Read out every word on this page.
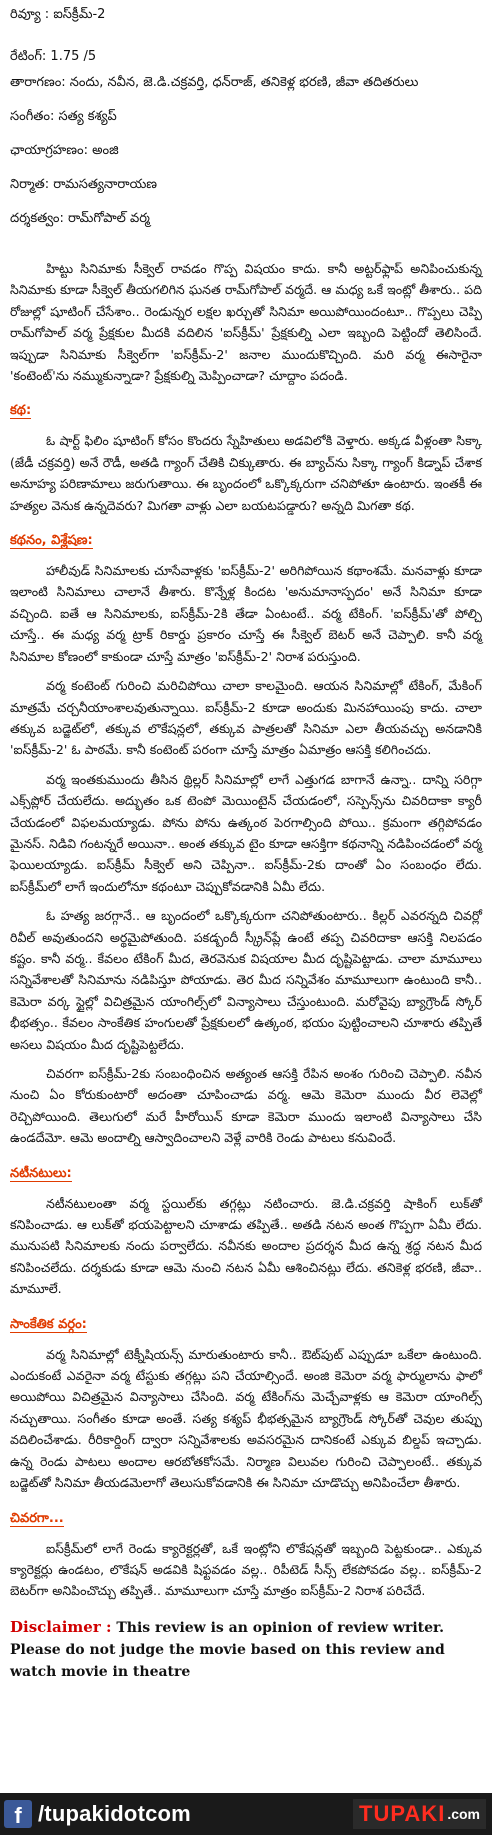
రివ్యూ : ఐస్‌క్రీమ్-2
రేటింగ్: 1.75 /5
తారాగణం: నందు, నవీన, జె.డి.చక్రవర్తి, ధన్‌రాజ్, తనికెళ్ల భరణి, జీవా తదితరులు
సంగీతం: సత్య కశ్యప్
ఛాయాగ్రహణం: అంజి
నిర్మాత: రామసత్యనారాయణ
దర్శకత్వం: రామ్‌గోపాల్ వర్మ

హిట్టు సినిమాకు సీక్వెల్ రావడం గొప్ప విషయం కాదు. కానీ అట్టర్‌ఫ్లాప్ అనిపించుకున్న సినిమాకు కూడా సీక్వెల్ తీయగలిగిన ఘనత రామ్‌గోపాల్ వర్మదే. ఆ మధ్య ఒకే ఇంట్లో తీశారు.. పది రోజుల్లో షూటింగ్ చేసేశాం.. రెండున్నర లక్షల ఖర్చుతో సినిమా అయిపోయిందంటూ.. గొప్పలు చెప్పి రామ్‌గోపాల్ వర్మ ప్రేక్షకుల మీదకి వదిలిన 'ఐస్‌క్రీమ్' ప్రేక్షకుల్ని ఎలా ఇబ్బంది పెట్టిందో తెలిసిందే. ఇప్పుడా సినిమాకు సీక్వెల్‌గా 'ఐస్‌క్రీమ్-2' జనాల ముందుకొచ్చింది. మరి వర్మ ఈసారైనా 'కంటెంట్‌'ను నమ్ముకున్నాడా? ప్రేక్షకుల్ని మెప్పించాడా? చూద్దాం పదండి.

కథ:

ఓ షార్ట్ ఫిలిం షూటింగ్ కోసం కొందరు స్నేహితులు అడవిలోకి వెళ్తారు. అక్కడ వీళ్లంతా సిక్కా (జేడీ చక్రవర్తి) అనే రౌడీ, అతడి గ్యాంగ్ చేతికి చిక్కుతారు. ఈ బ్యాచ్‌ను సిక్కా గ్యాంగ్ కిడ్నాప్ చేశాక అనూహ్య పరిణామాలు జరుగుతాయి. ఈ బృందంలో ఒక్కొక్కరుగా చనిపోతూ ఉంటారు. ఇంతకీ ఈ హత్యల వెనుక ఉన్నదెవరు? మిగతా వాళ్లు ఎలా బయటపడ్డారు? అన్నది మిగతా కథ.

కథనం, విశ్లేషణ:

హాలీవుడ్ సినిమాలకు చూసేవాళ్లకు 'ఐస్‌క్రీమ్-2' అరిగిపోయిన కథాంశమే. మనవాళ్లు కూడా ఇలాంటి సినిమాలు చాలానే తీశారు. కొన్నేళ్ల కిందట 'అనుమానాస్పదం' అనే సినిమా కూడా వచ్చింది. ఐతే ఆ సినిమాలకు, ఐస్‌క్రీమ్-2కి తేడా ఏంటంటే.. వర్మ టేకింగ్. 'ఐస్‌క్రీమ్'తో పోల్చి చూస్తే.. ఈ మధ్య వర్మ ట్రాక్ రికార్డు ప్రకారం చూస్తే ఈ సీక్వెల్ బెటర్ అనే చెప్పాలి. కానీ వర్మ సినిమాల కోణంలో కాకుండా చూస్తే మాత్రం 'ఐస్‌క్రీమ్-2' నిరాశ పరుస్తుంది.

వర్మ కంటెంట్ గురించి మరిచిపోయి చాలా కాలమైంది. ఆయన సినిమాల్లో టేకింగ్, మేకింగ్ మాత్రమే చర్చనీయాంశాలవుతున్నాయి. ఐస్‌క్రీమ్-2 కూడా అందుకు మినహాయింపు కాదు. చాలా తక్కువ బడ్జెట్‌లో, తక్కువ లొకేషన్లలో, తక్కువ పాత్రలతో సినిమా ఎలా తీయవచ్చు అనడానికి 'ఐస్‌క్రీమ్-2' ఓ పాఠమే. కానీ కంటెంట్ పరంగా చూస్తే మాత్రం ఏమాత్రం ఆసక్తి కలిగించదు.

వర్మ ఇంతకుముందు తీసిన థ్రిల్లర్ సినిమాల్లో లాగే ఎత్తుగడ బాగానే ఉన్నా.. దాన్ని సరిగ్గా ఎక్స్‌ప్లోర్ చేయలేదు. అద్భుతం ఒక టెంపో మెయింటైన్ చేయడంలో, సస్పెన్స్‌ను చివరిదాకా క్యారీ చేయడంలో విఫలమయ్యాడు. పోను పోను ఉత్కంఠ పెరగాల్సింది పోయి.. క్రమంగా తగ్గిపోవడం మైనస్. నిడివి గంటన్నరే అయినా.. అంత తక్కువ టైం కూడా ఆసక్తిగా కథనాన్ని నడిపించడంలో వర్మ ఫెయిలయ్యాడు. ఐస్‌క్రీమ్ సీక్వెల్ అని చెప్పినా.. ఐస్‌క్రీమ్-2కు దాంతో ఏం సంబంధం లేదు. ఐస్‌క్రీమ్‌లో లాగే ఇందులోనూ కథంటూ చెప్పుకోవడానికి ఏమీ లేదు.

ఓ హత్య జరగ్గానే.. ఆ బృందంలో ఒక్కొక్కరుగా చనిపోతుంటారు.. కిల్లర్ ఎవరన్నది చివర్లో రివీల్ అవుతుందని అర్థమైపోతుంది. పకడ్బందీ స్క్రీన్‌ప్లే ఉంటే తప్ప చివరిదాకా ఆసక్తి నిలపడం కష్టం. కానీ వర్మ.. కేవలం టేకింగ్ మీద, తెరవెనుక విషయాల మీద దృష్టిపెట్టాడు. చాలా మామూలు సన్నివేశాలతో సినిమాను నడిపిస్తూ పోయాడు. తెర మీద సన్నివేశం మామూలుగా ఉంటుంది కానీ.. కెమెరా వర్క స్టైల్లో విచిత్రమైన యాంగిల్స్‌లో విన్యాసాలు చేస్తుంటుంది. మరోవైపు బ్యాగ్రౌండ్ స్కోర్ భీభత్సం.. కేవలం సాంకేతిక హంగులతో ప్రేక్షకులలో ఉత్కంఠ, భయం పుట్టించాలని చూశారు తప్పితే అసలు విషయం మీద దృష్టిపెట్టలేదు.

చివరగా ఐస్‌క్రీమ్-2కు సంబంధించిన అత్యంత ఆసక్తి రేపిన అంశం గురించి చెప్పాలి. నవీన నుంచి ఏం కోరుకుంటారో అదంతా చూపించాడు వర్మ. ఆమె కెమెరా ముందు వీర లెవెల్లో రెచ్చిపోయింది. తెలుగులో మరే హీరోయిన్ కూడా కెమెరా ముందు ఇలాంటి విన్యాసాలు చేసి ఉండదేమో. ఆమె అందాల్ని ఆస్వాదించాలని వెళ్లే వారికి రెండు పాటలు కనువిందే.

నటీనటులు:

నటీనటులంతా వర్మ స్టయిల్‌కు తగ్గట్లు నటించారు. జె.డి.చక్రవర్తి షాకింగ్ లుక్‌తో కనిపించాడు. ఆ లుక్‌తో భయపెట్టాలని చూశాడు తప్పితే.. అతడి నటన అంత గొప్పగా ఏమీ లేదు. మునుపటి సినిమాలకు నందు పర్వాలేదు. నవీనకు అందాల ప్రదర్శన మీద ఉన్న శ్రద్ధ నటన మీద కనిపించలేదు. దర్శకుడు కూడా ఆమె నుంచి నటన ఏమీ ఆశించినట్లు లేదు. తనికెళ్ల భరణి, జీవా.. మామూలే.

సాంకేతిక వర్గం:

వర్మ సినిమాల్లో టెక్నీషియన్స్ మారుతుంటారు కానీ.. ఔట్‌పుట్ ఎప్పుడూ ఒకేలా ఉంటుంది. ఎందుకంటే ఎవరైనా వర్మ టేస్టుకు తగ్గట్లు పని చేయాల్సిందే. అంజి కెమెరా వర్మ ఫార్ములాను ఫాలో అయిపోయి విచిత్రమైన విన్యాసాలు చేసింది. వర్మ టేకింగ్‌ను మెచ్చేవాళ్లకు ఆ కెమెరా యాంగిల్స్ నచ్చుతాయి. సంగీతం కూడా అంతే. సత్య కశ్యప్ భీభత్సమైన బ్యాగ్రౌండ్ స్కోర్‌తో చెవుల తుప్పు వదిలించేశాడు. రీరికార్డింగ్ ద్వారా సన్నివేశాలకు అవసరమైన దానికంటే ఎక్కువ బిల్డప్ ఇచ్చాడు. ఉన్న రెండు పాటలు అందాల ఆరబోతకోసమే. నిర్మాణ విలువల గురించి చెప్పాలంటే.. తక్కువ బడ్జెట్‌తో సినిమా తీయడమెలాగో తెలుసుకోవడానికి ఈ సినిమా చూడొచ్చు అనిపించేలా తీశారు.

చివరగా...

ఐస్‌క్రీమ్‌లో లాగే రెండు క్యారెక్టర్లతో, ఒకే ఇంట్లోని లొకేషన్లతో ఇబ్బంది పెట్టకుండా.. ఎక్కువ క్యారెక్టర్లు ఉండటం, లొకేషన్ అడవికి షిఫ్టవడం వల్ల.. రిపీటెడ్ సీన్స్ లేకపోవడం వల్ల.. ఐస్‌క్రీమ్-2 బెటర్‌గా అనిపించొచ్చు తప్పితే.. మామూలుగా చూస్తే మాత్రం ఐస్‌క్రీమ్-2 నిరాశ పరిచేదే.

Disclaimer : This review is an opinion of review writer. Please do not judge the movie based on this review and watch movie in theatre
f /tupakidotcom	TUPAKI .com
